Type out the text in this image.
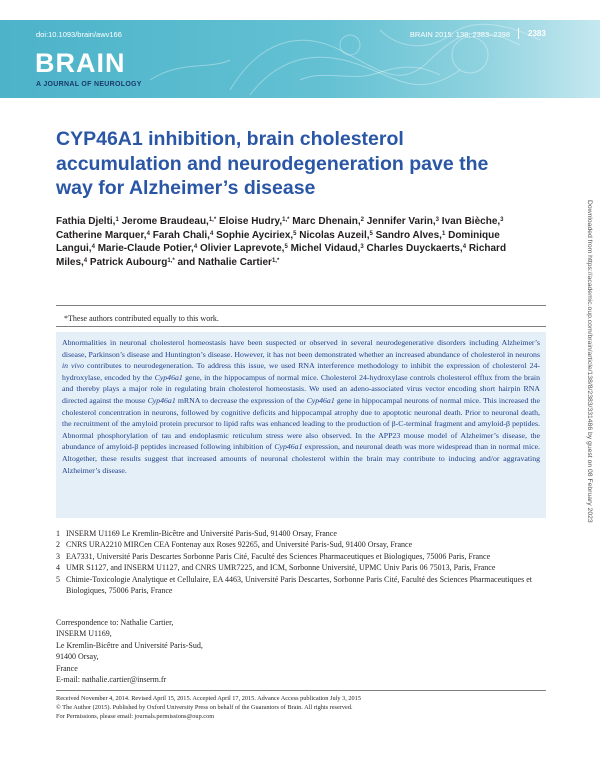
doi:10.1093/brain/awv166	BRAIN 2015: 138; 2383–2398 2383
BRAIN
A JOURNAL OF NEUROLOGY
CYP46A1 inhibition, brain cholesterol accumulation and neurodegeneration pave the way for Alzheimer’s disease
Fathia Djelti,$^1$ Jerome Braudeau,$^{1,*}$ Eloise Hudry,$^{1,*}$ Marc Dhenain,$^2$ Jennifer Varin,$^3$ Ivan Bièche,$^3$ Catherine Marquer,$^4$ Farah Chali,$^4$ Sophie Ayciriex,$^5$ Nicolas Auzeil,$^5$ Sandro Alves,$^1$ Dominique Langui,$^4$ Marie-Claude Potier,$^4$ Olivier Laprevote,$^5$ Michel Vidaud,$^3$ Charles Duyckaerts,$^4$ Richard Miles,$^4$ Patrick Aubourg$^{1,*}$ and Nathalie Cartier$^{1,*}$
*These authors contributed equally to this work.
Abnormalities in neuronal cholesterol homeostasis have been suspected or observed in several neurodegenerative disorders including Alzheimer’s disease, Parkinson’s disease and Huntington’s disease. However, it has not been demonstrated whether an increased abundance of cholesterol in neurons in vivo contributes to neurodegeneration. To address this issue, we used RNA interference methodology to inhibit the expression of cholesterol 24-hydroxylase, encoded by the Cyp46a1 gene, in the hippocampus of normal mice. Cholesterol 24-hydroxylase controls cholesterol efflux from the brain and thereby plays a major role in regulating brain cholesterol homeostasis. We used an adeno-associated virus vector encoding short hairpin RNA directed against the mouse Cyp46a1 mRNA to decrease the expression of the Cyp46a1 gene in hippocampal neurons of normal mice. This increased the cholesterol concentration in neurons, followed by cognitive deficits and hippocampal atrophy due to apoptotic neuronal death. Prior to neuronal death, the recruitment of the amyloid protein precursor to lipid rafts was enhanced leading to the production of β-C-terminal fragment and amyloid-β peptides. Abnormal phosphorylation of tau and endoplasmic reticulum stress were also observed. In the APP23 mouse model of Alzheimer’s disease, the abundance of amyloid-β peptides increased following inhibition of Cyp46a1 expression, and neuronal death was more widespread than in normal mice. Altogether, these results suggest that increased amounts of neuronal cholesterol within the brain may contribute to inducing and/or aggravating Alzheimer’s disease.
1 INSERM U1169 Le Kremlin-Bicêtre and Université Paris-Sud, 91400 Orsay, France
2 CNRS URA2210 MIRCen CEA Fontenay aux Roses 92265, and Université Paris-Sud, 91400 Orsay, France
3 EA7331, Université Paris Descartes Sorbonne Paris Cité, Faculté des Sciences Pharmaceutiques et Biologiques, 75006 Paris, France
4 UMR S1127, and INSERM U1127, and CNRS UMR7225, and ICM, Sorbonne Université, UPMC Univ Paris 06 75013, Paris, France
5 Chimie-Toxicologie Analytique et Cellulaire, EA 4463, Université Paris Descartes, Sorbonne Paris Cité, Faculté des Sciences Pharmaceutiques et Biologiques, 75006 Paris, France
Correspondence to: Nathalie Cartier,
INSERM U1169,
Le Kremlin-Bicêtre and Université Paris-Sud,
91400 Orsay,
France
E-mail: nathalie.cartier@inserm.fr
Received November 4, 2014. Revised April 15, 2015. Accepted April 17, 2015. Advance Access publication July 3, 2015
© The Author (2015). Published by Oxford University Press on behalf of the Guarantors of Brain. All rights reserved.
For Permissions, please email: journals.permissions@oup.com
Downloaded from https://academic.oup.com/brain/article/138/8/2383/331486 by guest on 08 February 2023
